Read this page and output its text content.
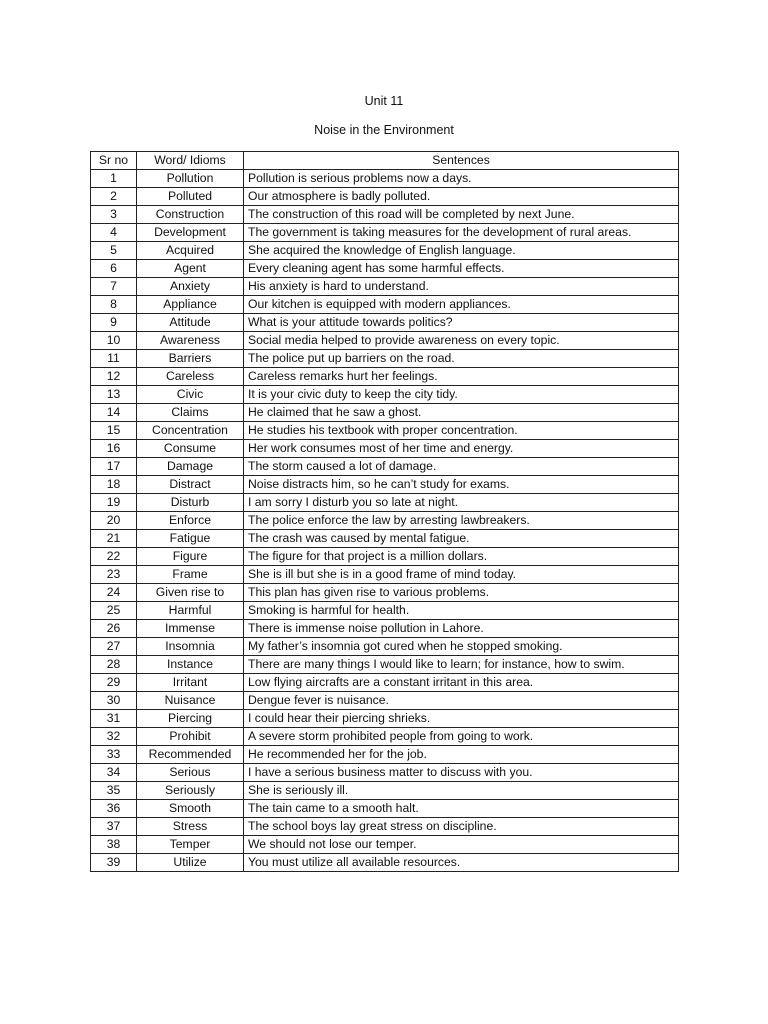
Unit 11
Noise in the Environment
Sr no	Word/ Idioms	Sentences
1	Pollution	Pollution is serious problems now a days.
2	Polluted	Our atmosphere is badly polluted.
3	Construction	The construction of this road will be completed by next June.
4	Development	The government is taking measures for the development of rural areas.
5	Acquired	She acquired the knowledge of English language.
6	Agent	Every cleaning agent has some harmful effects.
7	Anxiety	His anxiety is hard to understand.
8	Appliance	Our kitchen is equipped with modern appliances.
9	Attitude	What is your attitude towards politics?
10	Awareness	Social media helped to provide awareness on every topic.
11	Barriers	The police put up barriers on the road.
12	Careless	Careless remarks hurt her feelings.
13	Civic	It is your civic duty to keep the city tidy.
14	Claims	He claimed that he saw a ghost.
15	Concentration	He studies his textbook with proper concentration.
16	Consume	Her work consumes most of her time and energy.
17	Damage	The storm caused a lot of damage.
18	Distract	Noise distracts him, so he can’t study for exams.
19	Disturb	I am sorry I disturb you so late at night.
20	Enforce	The police enforce the law by arresting lawbreakers.
21	Fatigue	The crash was caused by mental fatigue.
22	Figure	The figure for that project is a million dollars.
23	Frame	She is ill but she is in a good frame of mind today.
24	Given rise to	This plan has given rise to various problems.
25	Harmful	Smoking is harmful for health.
26	Immense	There is immense noise pollution in Lahore.
27	Insomnia	My father’s insomnia got cured when he stopped smoking.
28	Instance	There are many things I would like to learn; for instance, how to swim.
29	Irritant	Low flying aircrafts are a constant irritant in this area.
30	Nuisance	Dengue fever is nuisance.
31	Piercing	I could hear their piercing shrieks.
32	Prohibit	A severe storm prohibited people from going to work.
33	Recommended	He recommended her for the job.
34	Serious	I have a serious business matter to discuss with you.
35	Seriously	She is seriously ill.
36	Smooth	The tain came to a smooth halt.
37	Stress	The school boys lay great stress on discipline.
38	Temper	We should not lose our temper.
39	Utilize	You must utilize all available resources.
